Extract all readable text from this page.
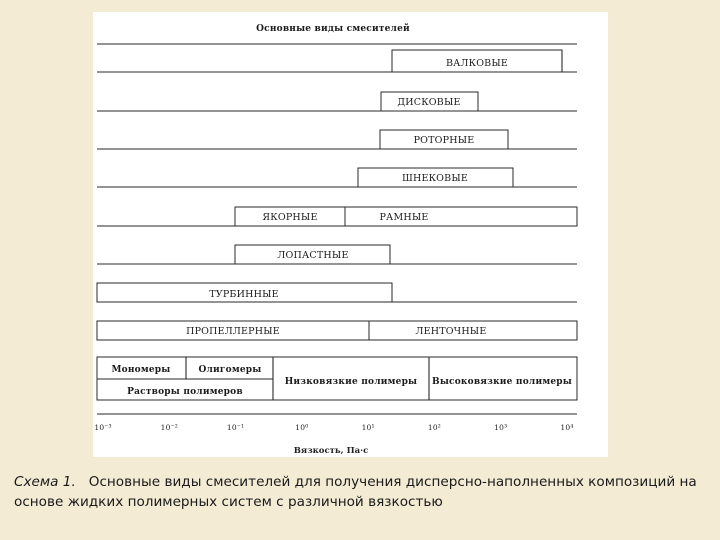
Основные виды смесителей
ВАЛКОВЫЕ
ДИСКОВЫЕ
РОТОРНЫЕ
ШНЕКОВЫЕ
ЯКОРНЫЕ	РАМНЫЕ
ЛОПАСТНЫЕ
ТУРБИННЫЕ
ПРОПЕЛЛЕРНЫЕ	ЛЕНТОЧНЫЕ
Мономеры	Олигомеры
Растворы полимеров
Низковязкие полимеры Высоковязкие полимеры
10⁻³	10⁻²	10⁻¹	10⁰	10¹	10²	10³	10⁴
Вязкость, Па·с

Схема 1. Основные виды смесителей для получения дисперсно-наполненных композиций на основе жидких полимерных систем с различной вязкостью
